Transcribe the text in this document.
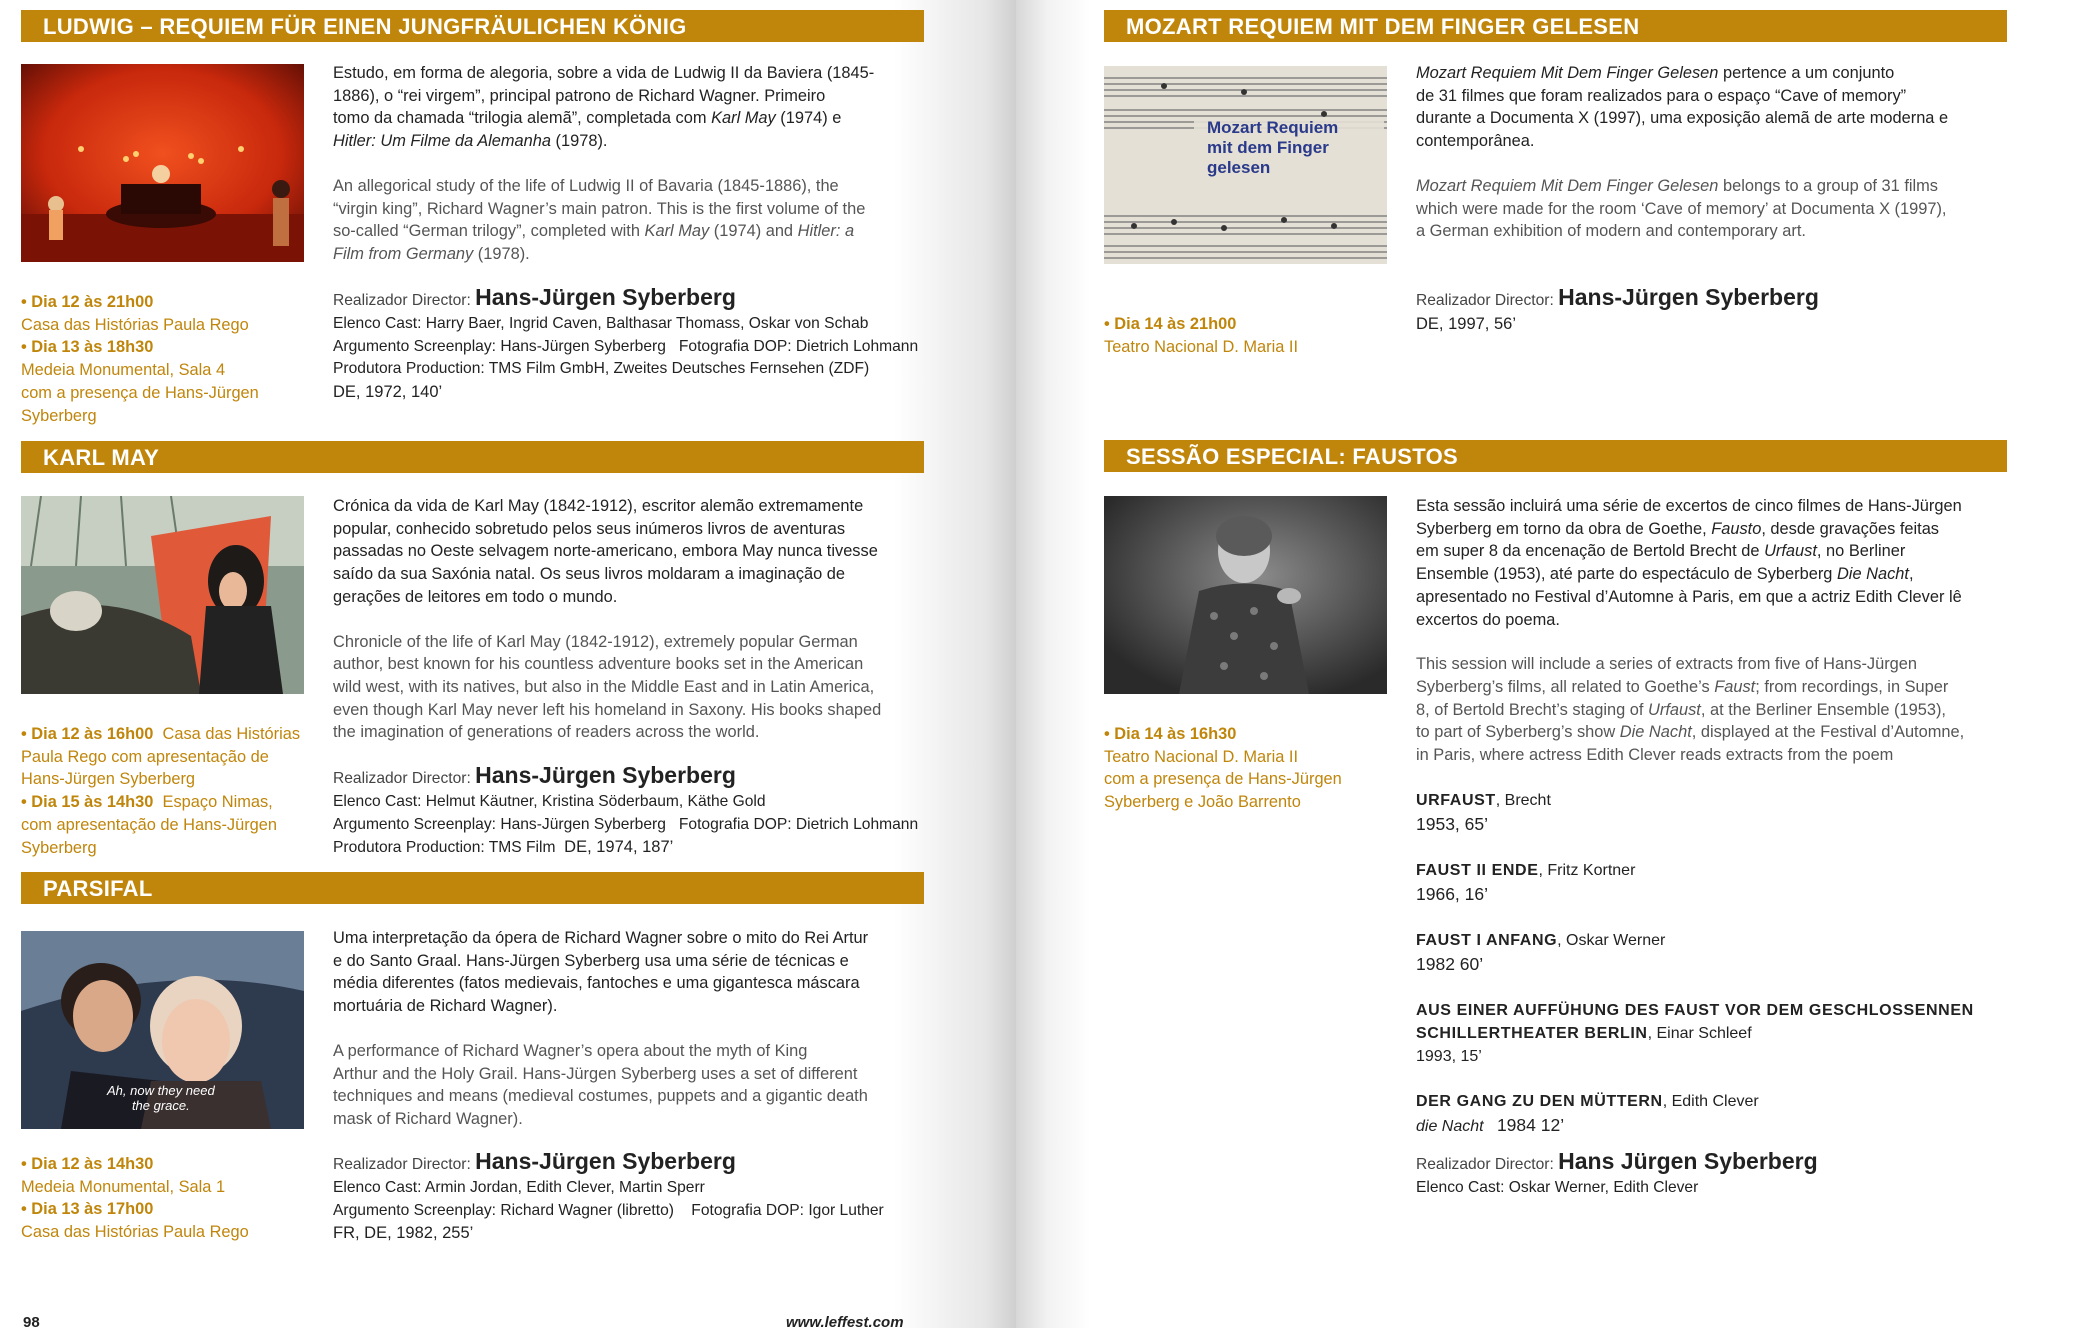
LUDWIG – REQUIEM FÜR EINEN JUNGFRÄULICHEN KÖNIG

Estudo, em forma de alegoria, sobre a vida de Ludwig II da Baviera (1845-
1886), o “rei virgem”, principal patrono de Richard Wagner. Primeiro
tomo da chamada “trilogia alemã”, completada com Karl May (1974) e
Hitler: Um Filme da Alemanha (1978).

An allegorical study of the life of Ludwig II of Bavaria (1845-1886), the
“virgin king”, Richard Wagner’s main patron. This is the first volume of the
so-called “German trilogy”, completed with Karl May (1974) and Hitler: a
Film from Germany (1978).

• Dia 12 às 21h00
Casa das Histórias Paula Rego
• Dia 13 às 18h30
Medeia Monumental, Sala 4
com a presença de Hans-Jürgen
Syberberg
Realizador Director: Hans-Jürgen Syberberg
Elenco Cast: Harry Baer, Ingrid Caven, Balthasar Thomass, Oskar von Schab
Argumento Screenplay: Hans-Jürgen Syberberg Fotografia DOP: Dietrich Lohmann
Produtora Production: TMS Film GmbH, Zweites Deutsches Fernsehen (ZDF)
DE, 1972, 140’
KARL MAY

Crónica da vida de Karl May (1842-1912), escritor alemão extremamente
popular, conhecido sobretudo pelos seus inúmeros livros de aventuras
passadas no Oeste selvagem norte-americano, embora May nunca tivesse
saído da sua Saxónia natal. Os seus livros moldaram a imaginação de
gerações de leitores em todo o mundo.

Chronicle of the life of Karl May (1842-1912), extremely popular German
author, best known for his countless adventure books set in the American
wild west, with its natives, but also in the Middle East and in Latin America,
even though Karl May never left his homeland in Saxony. His books shaped
the imagination of generations of readers across the world.

• Dia 12 às 16h00 Casa das Histórias
Paula Rego com apresentação de
Hans-Jürgen Syberberg
• Dia 15 às 14h30 Espaço Nimas,
com apresentação de Hans-Jürgen
Syberberg
Realizador Director: Hans-Jürgen Syberberg
Elenco Cast: Helmut Käutner, Kristina Söderbaum, Käthe Gold
Argumento Screenplay: Hans-Jürgen Syberberg Fotografia DOP: Dietrich Lohmann
Produtora Production: TMS Film DE, 1974, 187’
PARSIFAL
Ah, now they need
the grace.

Uma interpretação da ópera de Richard Wagner sobre o mito do Rei Artur
e do Santo Graal. Hans-Jürgen Syberberg usa uma série de técnicas e
média diferentes (fatos medievais, fantoches e uma gigantesca máscara
mortuária de Richard Wagner).

A performance of Richard Wagner’s opera about the myth of King
Arthur and the Holy Grail. Hans-Jürgen Syberberg uses a set of different
techniques and means (medieval costumes, puppets and a gigantic death
mask of Richard Wagner).

• Dia 12 às 14h30
Medeia Monumental, Sala 1
• Dia 13 às 17h00
Casa das Histórias Paula Rego
Realizador Director: Hans-Jürgen Syberberg
Elenco Cast: Armin Jordan, Edith Clever, Martin Sperr
Argumento Screenplay: Richard Wagner (libretto) Fotografia DOP: Igor Luther
FR, DE, 1982, 255’
98	www.leffest.com
MOZART REQUIEM MIT DEM FINGER GELESEN
Mozart Requiem
mit dem Finger
gelesen

Mozart Requiem Mit Dem Finger Gelesen pertence a um conjunto
de 31 filmes que foram realizados para o espaço “Cave of memory”
durante a Documenta X (1997), uma exposição alemã de arte moderna e
contemporânea.

Mozart Requiem Mit Dem Finger Gelesen belongs to a group of 31 films
which were made for the room ‘Cave of memory’ at Documenta X (1997),
a German exhibition of modern and contemporary art.

• Dia 14 às 21h00
Teatro Nacional D. Maria II
Realizador Director: Hans-Jürgen Syberberg
DE, 1997, 56’
SESSÃO ESPECIAL: FAUSTOS

Esta sessão incluirá uma série de excertos de cinco filmes de Hans-Jürgen
Syberberg em torno da obra de Goethe, Fausto, desde gravações feitas
em super 8 da encenação de Bertold Brecht de Urfaust, no Berliner
Ensemble (1953), até parte do espectáculo de Syberberg Die Nacht,
apresentado no Festival d’Automne à Paris, em que a actriz Edith Clever lê
excertos do poema.

This session will include a series of extracts from five of Hans-Jürgen
Syberberg’s films, all related to Goethe’s Faust; from recordings, in Super
8, of Bertold Brecht’s staging of Urfaust, at the Berliner Ensemble (1953),
to part of Syberberg’s show Die Nacht, displayed at the Festival d’Automne,
in Paris, where actress Edith Clever reads extracts from the poem

• Dia 14 às 16h30
Teatro Nacional D. Maria II
com a presença de Hans-Jürgen
Syberberg e João Barrento	URFAUST, Brecht
1953, 65’
FAUST II ENDE, Fritz Kortner
1966, 16’
FAUST I ANFANG, Oskar Werner
1982 60’
AUS EINER AUFFÜHUNG DES FAUST VOR DEM GESCHLOSSENNEN
SCHILLERTHEATER BERLIN, Einar Schleef
1993, 15’
DER GANG ZU DEN MÜTTERN, Edith Clever
die Nacht 1984 12’
Realizador Director: Hans Jürgen Syberberg
Elenco Cast: Oskar Werner, Edith Clever
